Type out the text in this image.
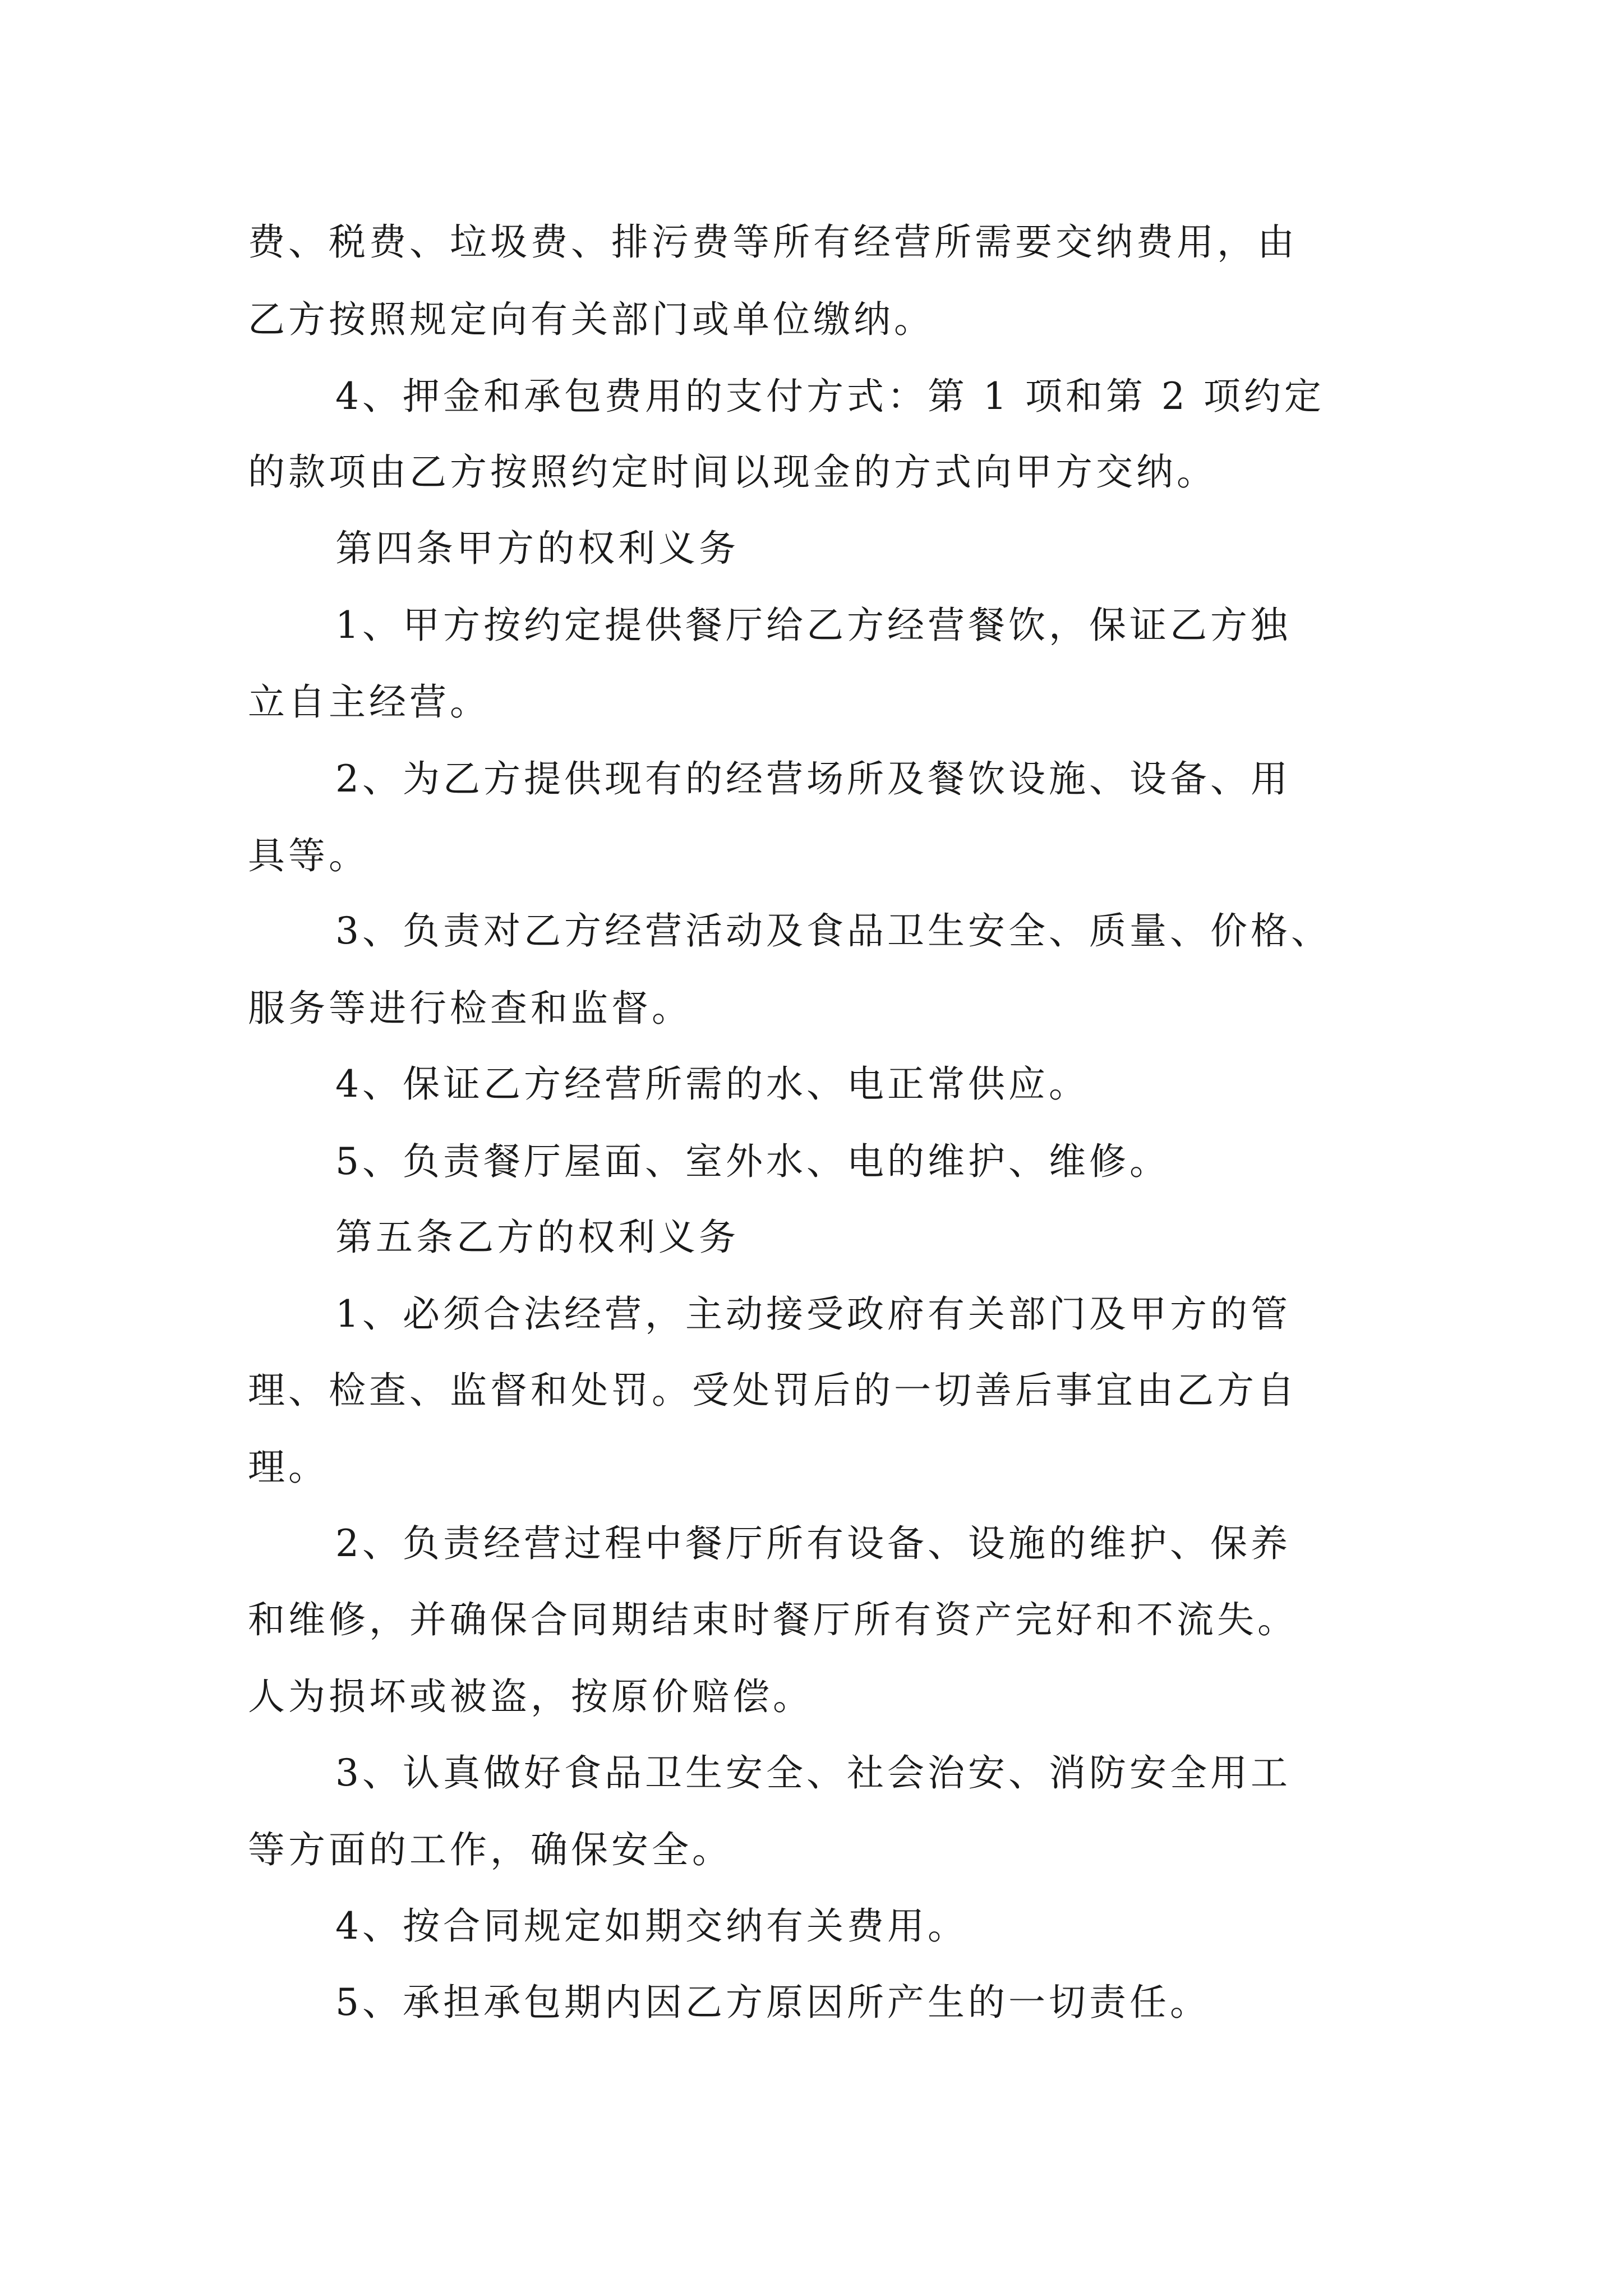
费、税费、垃圾费、排污费等所有经营所需要交纳费用，由
乙方按照规定向有关部门或单位缴纳。
4、押金和承包费用的支付方式：第 1 项和第 2 项约定
的款项由乙方按照约定时间以现金的方式向甲方交纳。
第四条甲方的权利义务
1、甲方按约定提供餐厅给乙方经营餐饮，保证乙方独
立自主经营。
2、为乙方提供现有的经营场所及餐饮设施、设备、用
具等。
3、负责对乙方经营活动及食品卫生安全、质量、价格、
服务等进行检查和监督。
4、保证乙方经营所需的水、电正常供应。
5、负责餐厅屋面、室外水、电的维护、维修。
第五条乙方的权利义务
1、必须合法经营，主动接受政府有关部门及甲方的管
理、检查、监督和处罚。受处罚后的一切善后事宜由乙方自
理。
2、负责经营过程中餐厅所有设备、设施的维护、保养
和维修，并确保合同期结束时餐厅所有资产完好和不流失。
人为损坏或被盗，按原价赔偿。
3、认真做好食品卫生安全、社会治安、消防安全用工
等方面的工作，确保安全。
4、按合同规定如期交纳有关费用。
5、承担承包期内因乙方原因所产生的一切责任。
